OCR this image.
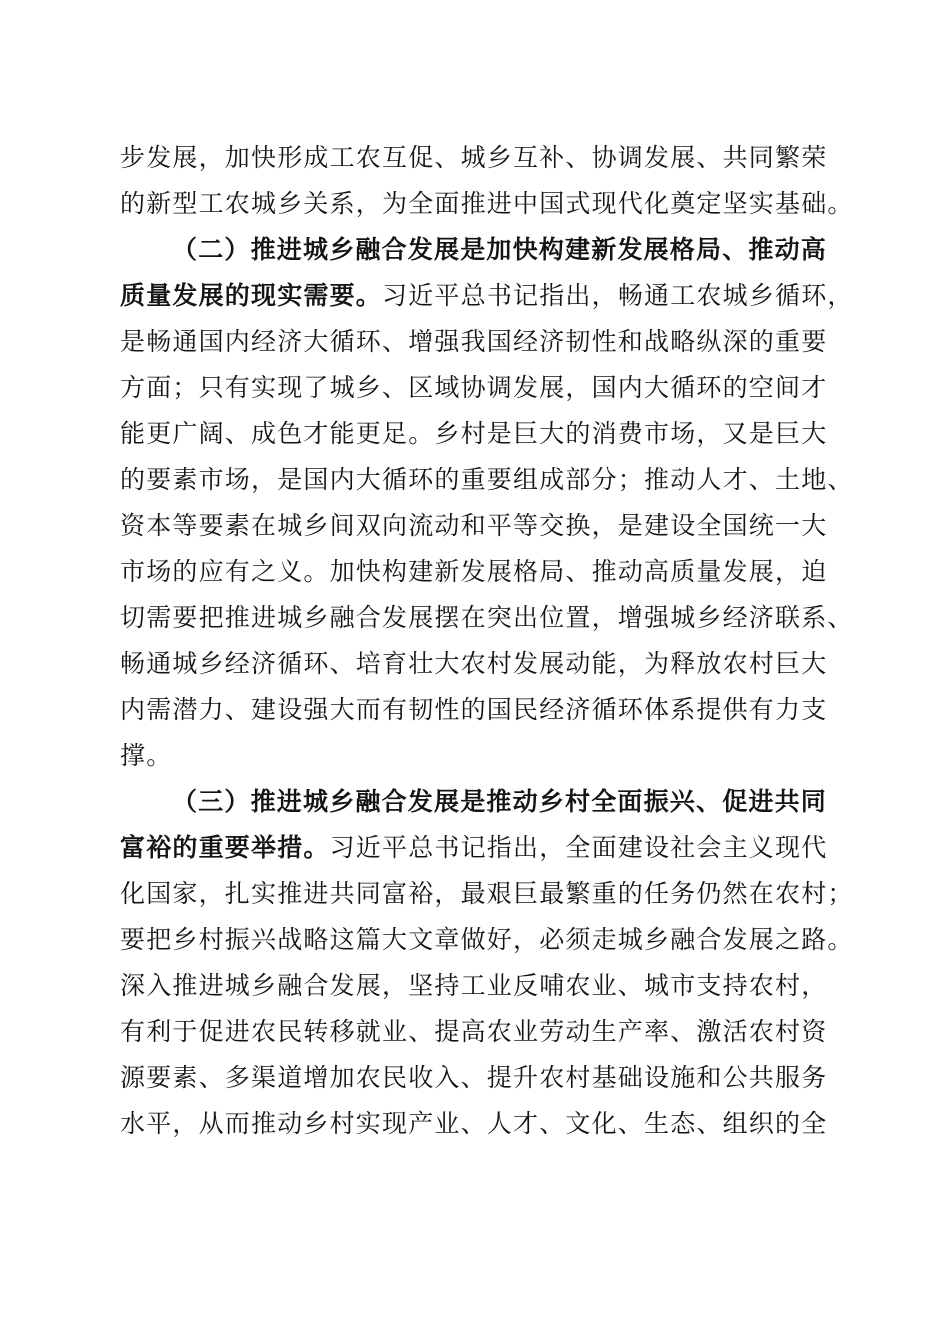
步发展，加快形成工农互促、城乡互补、协调发展、共同繁荣
的新型工农城乡关系，为全面推进中国式现代化奠定坚实基础。
（二）推进城乡融合发展是加快构建新发展格局、推动高
质量发展的现实需要。习近平总书记指出，畅通工农城乡循环，
是畅通国内经济大循环、增强我国经济韧性和战略纵深的重要
方面；只有实现了城乡、区域协调发展，国内大循环的空间才
能更广阔、成色才能更足。乡村是巨大的消费市场，又是巨大
的要素市场，是国内大循环的重要组成部分；推动人才、土地、
资本等要素在城乡间双向流动和平等交换，是建设全国统一大
市场的应有之义。加快构建新发展格局、推动高质量发展，迫
切需要把推进城乡融合发展摆在突出位置，增强城乡经济联系、
畅通城乡经济循环、培育壮大农村发展动能，为释放农村巨大
内需潜力、建设强大而有韧性的国民经济循环体系提供有力支
撑。
（三）推进城乡融合发展是推动乡村全面振兴、促进共同
富裕的重要举措。习近平总书记指出，全面建设社会主义现代
化国家，扎实推进共同富裕，最艰巨最繁重的任务仍然在农村；
要把乡村振兴战略这篇大文章做好，必须走城乡融合发展之路。
深入推进城乡融合发展，坚持工业反哺农业、城市支持农村，
有利于促进农民转移就业、提高农业劳动生产率、激活农村资
源要素、多渠道增加农民收入、提升农村基础设施和公共服务
水平，从而推动乡村实现产业、人才、文化、生态、组织的全
